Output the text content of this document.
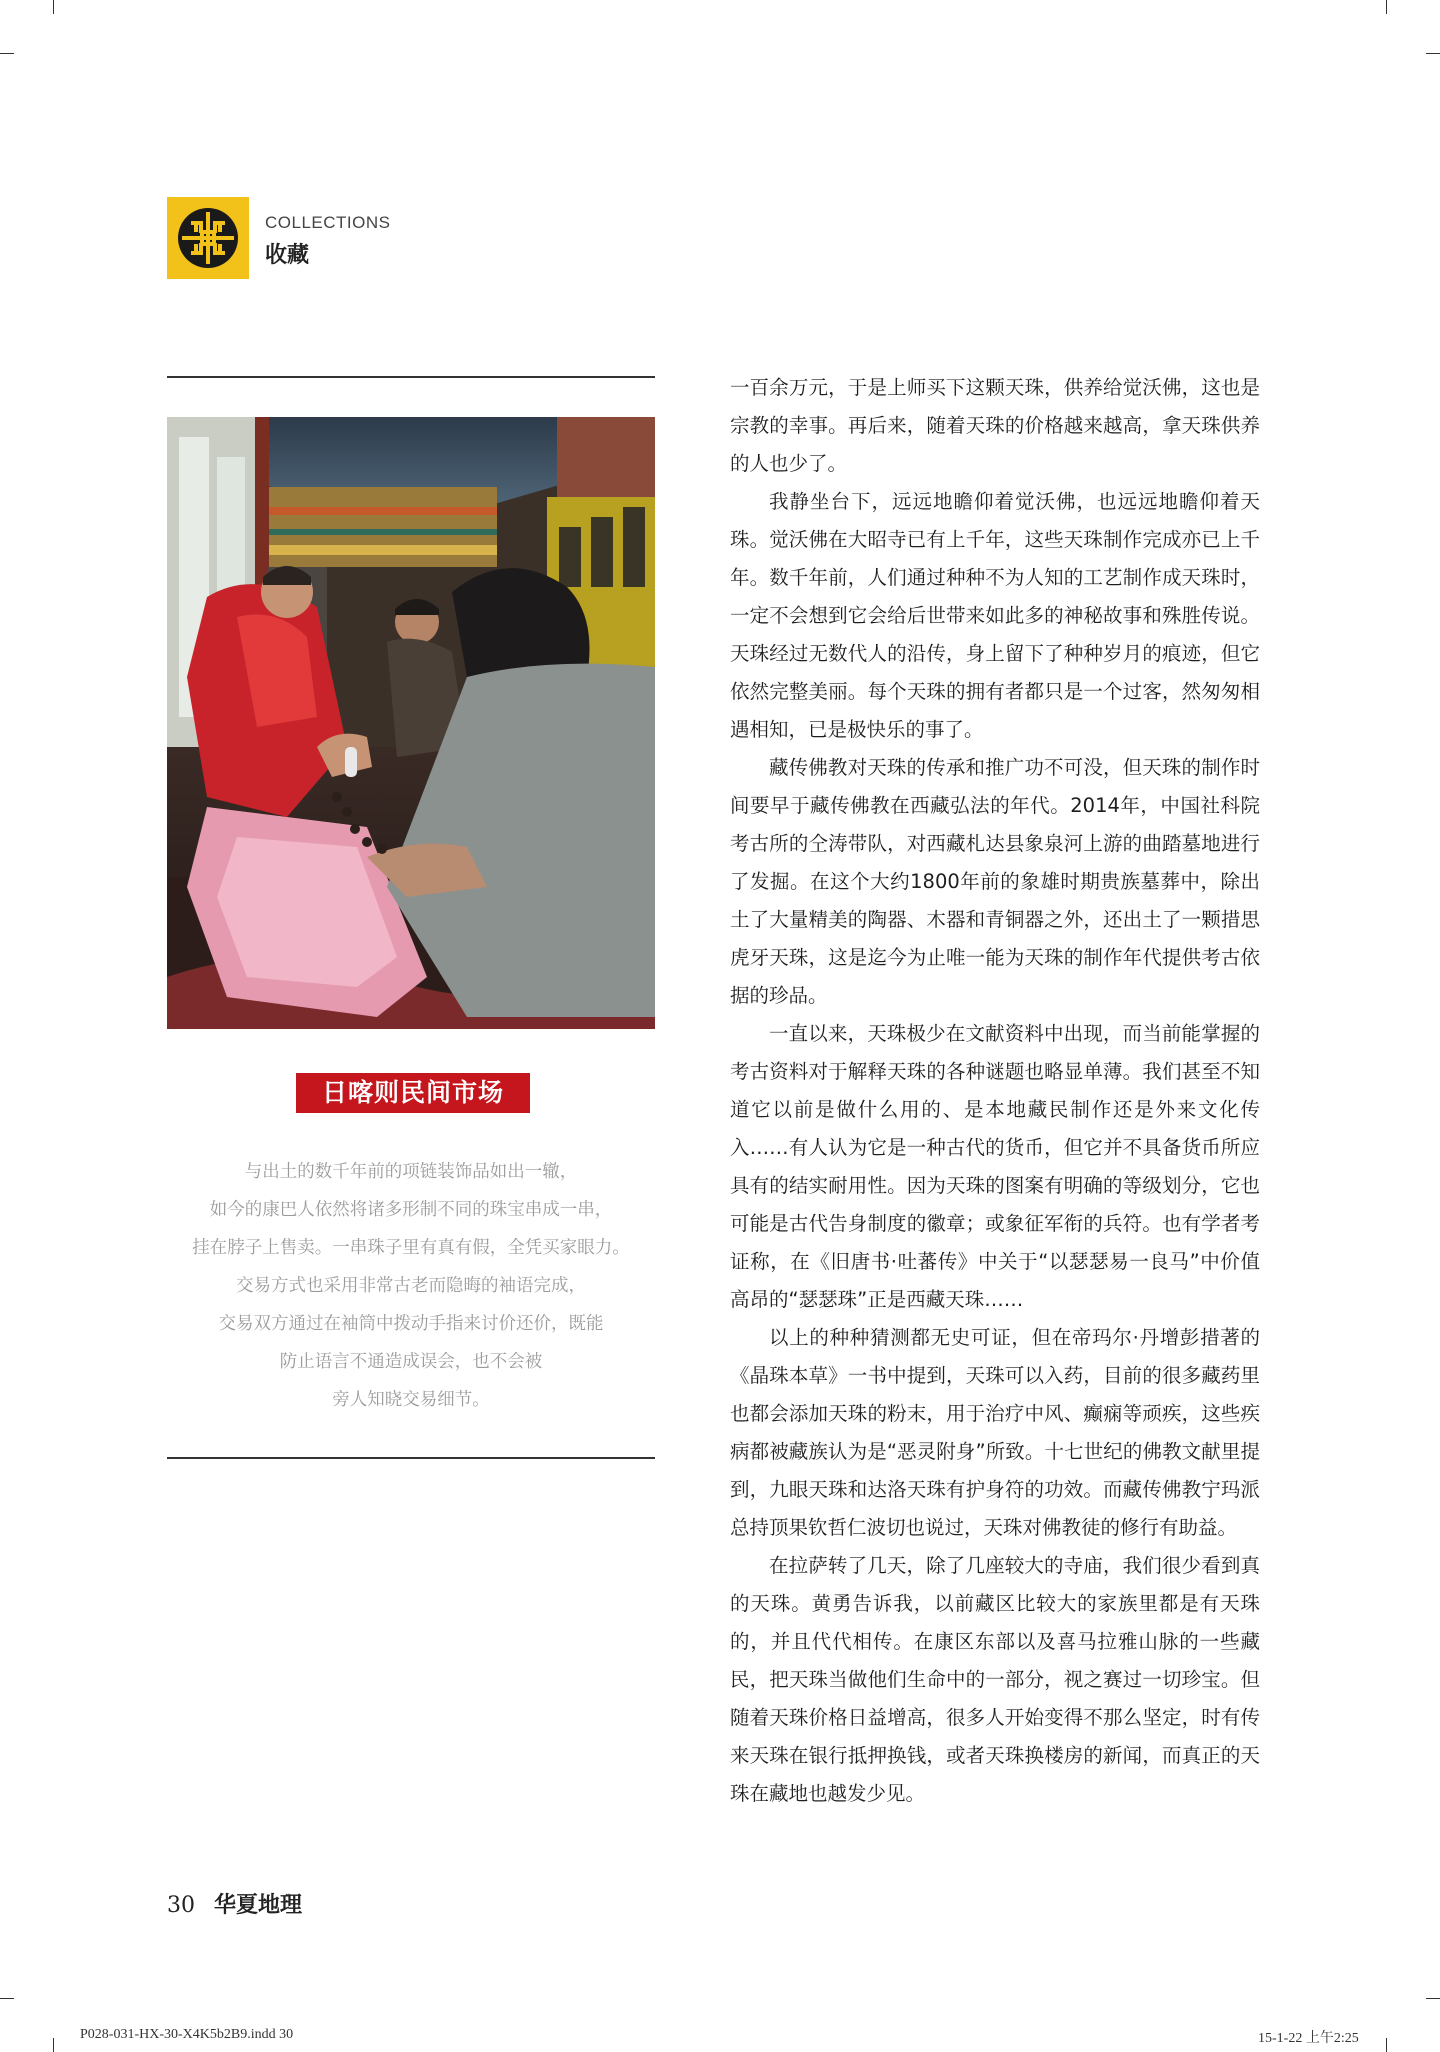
COLLECTIONS
收藏
日喀则民间市场
与出土的数千年前的项链装饰品如出一辙，
如今的康巴人依然将诸多形制不同的珠宝串成一串，
挂在脖子上售卖。一串珠子里有真有假，全凭买家眼力。
交易方式也采用非常古老而隐晦的袖语完成，
交易双方通过在袖筒中拨动手指来讨价还价，既能
防止语言不通造成误会，也不会被
旁人知晓交易细节。

一百余万元，于是上师买下这颗天珠，供养给觉沃佛，这也是宗教的幸事。再后来，随着天珠的价格越来越高，拿天珠供养的人也少了。

我静坐台下，远远地瞻仰着觉沃佛，也远远地瞻仰着天珠。觉沃佛在大昭寺已有上千年，这些天珠制作完成亦已上千年。数千年前，人们通过种种不为人知的工艺制作成天珠时，一定不会想到它会给后世带来如此多的神秘故事和殊胜传说。天珠经过无数代人的沿传，身上留下了种种岁月的痕迹，但它依然完整美丽。每个天珠的拥有者都只是一个过客，然匆匆相遇相知，已是极快乐的事了。

藏传佛教对天珠的传承和推广功不可没，但天珠的制作时间要早于藏传佛教在西藏弘法的年代。2014年，中国社科院考古所的仝涛带队，对西藏札达县象泉河上游的曲踏墓地进行了发掘。在这个大约1800年前的象雄时期贵族墓葬中，除出土了大量精美的陶器、木器和青铜器之外，还出土了一颗措思虎牙天珠，这是迄今为止唯一能为天珠的制作年代提供考古依据的珍品。

一直以来，天珠极少在文献资料中出现，而当前能掌握的考古资料对于解释天珠的各种谜题也略显单薄。我们甚至不知道它以前是做什么用的、是本地藏民制作还是外来文化传入……有人认为它是一种古代的货币，但它并不具备货币所应具有的结实耐用性。因为天珠的图案有明确的等级划分，它也可能是古代告身制度的徽章；或象征军衔的兵符。也有学者考证称，在《旧唐书·吐蕃传》中关于“以瑟瑟易一良马”中价值高昂的“瑟瑟珠”正是西藏天珠……

以上的种种猜测都无史可证，但在帝玛尔·丹增彭措著的《晶珠本草》一书中提到，天珠可以入药，目前的很多藏药里也都会添加天珠的粉末，用于治疗中风、癫痫等顽疾，这些疾病都被藏族认为是“恶灵附身”所致。十七世纪的佛教文献里提到，九眼天珠和达洛天珠有护身符的功效。而藏传佛教宁玛派总持顶果钦哲仁波切也说过，天珠对佛教徒的修行有助益。

在拉萨转了几天，除了几座较大的寺庙，我们很少看到真的天珠。黄勇告诉我，以前藏区比较大的家族里都是有天珠的，并且代代相传。在康区东部以及喜马拉雅山脉的一些藏民，把天珠当做他们生命中的一部分，视之赛过一切珍宝。但随着天珠价格日益增高，很多人开始变得不那么坚定，时有传来天珠在银行抵押换钱，或者天珠换楼房的新闻，而真正的天珠在藏地也越发少见。

30 华夏地理
P028-031-HX-30-X4K5b2B9.indd 30	15-1-22 上午2:25
